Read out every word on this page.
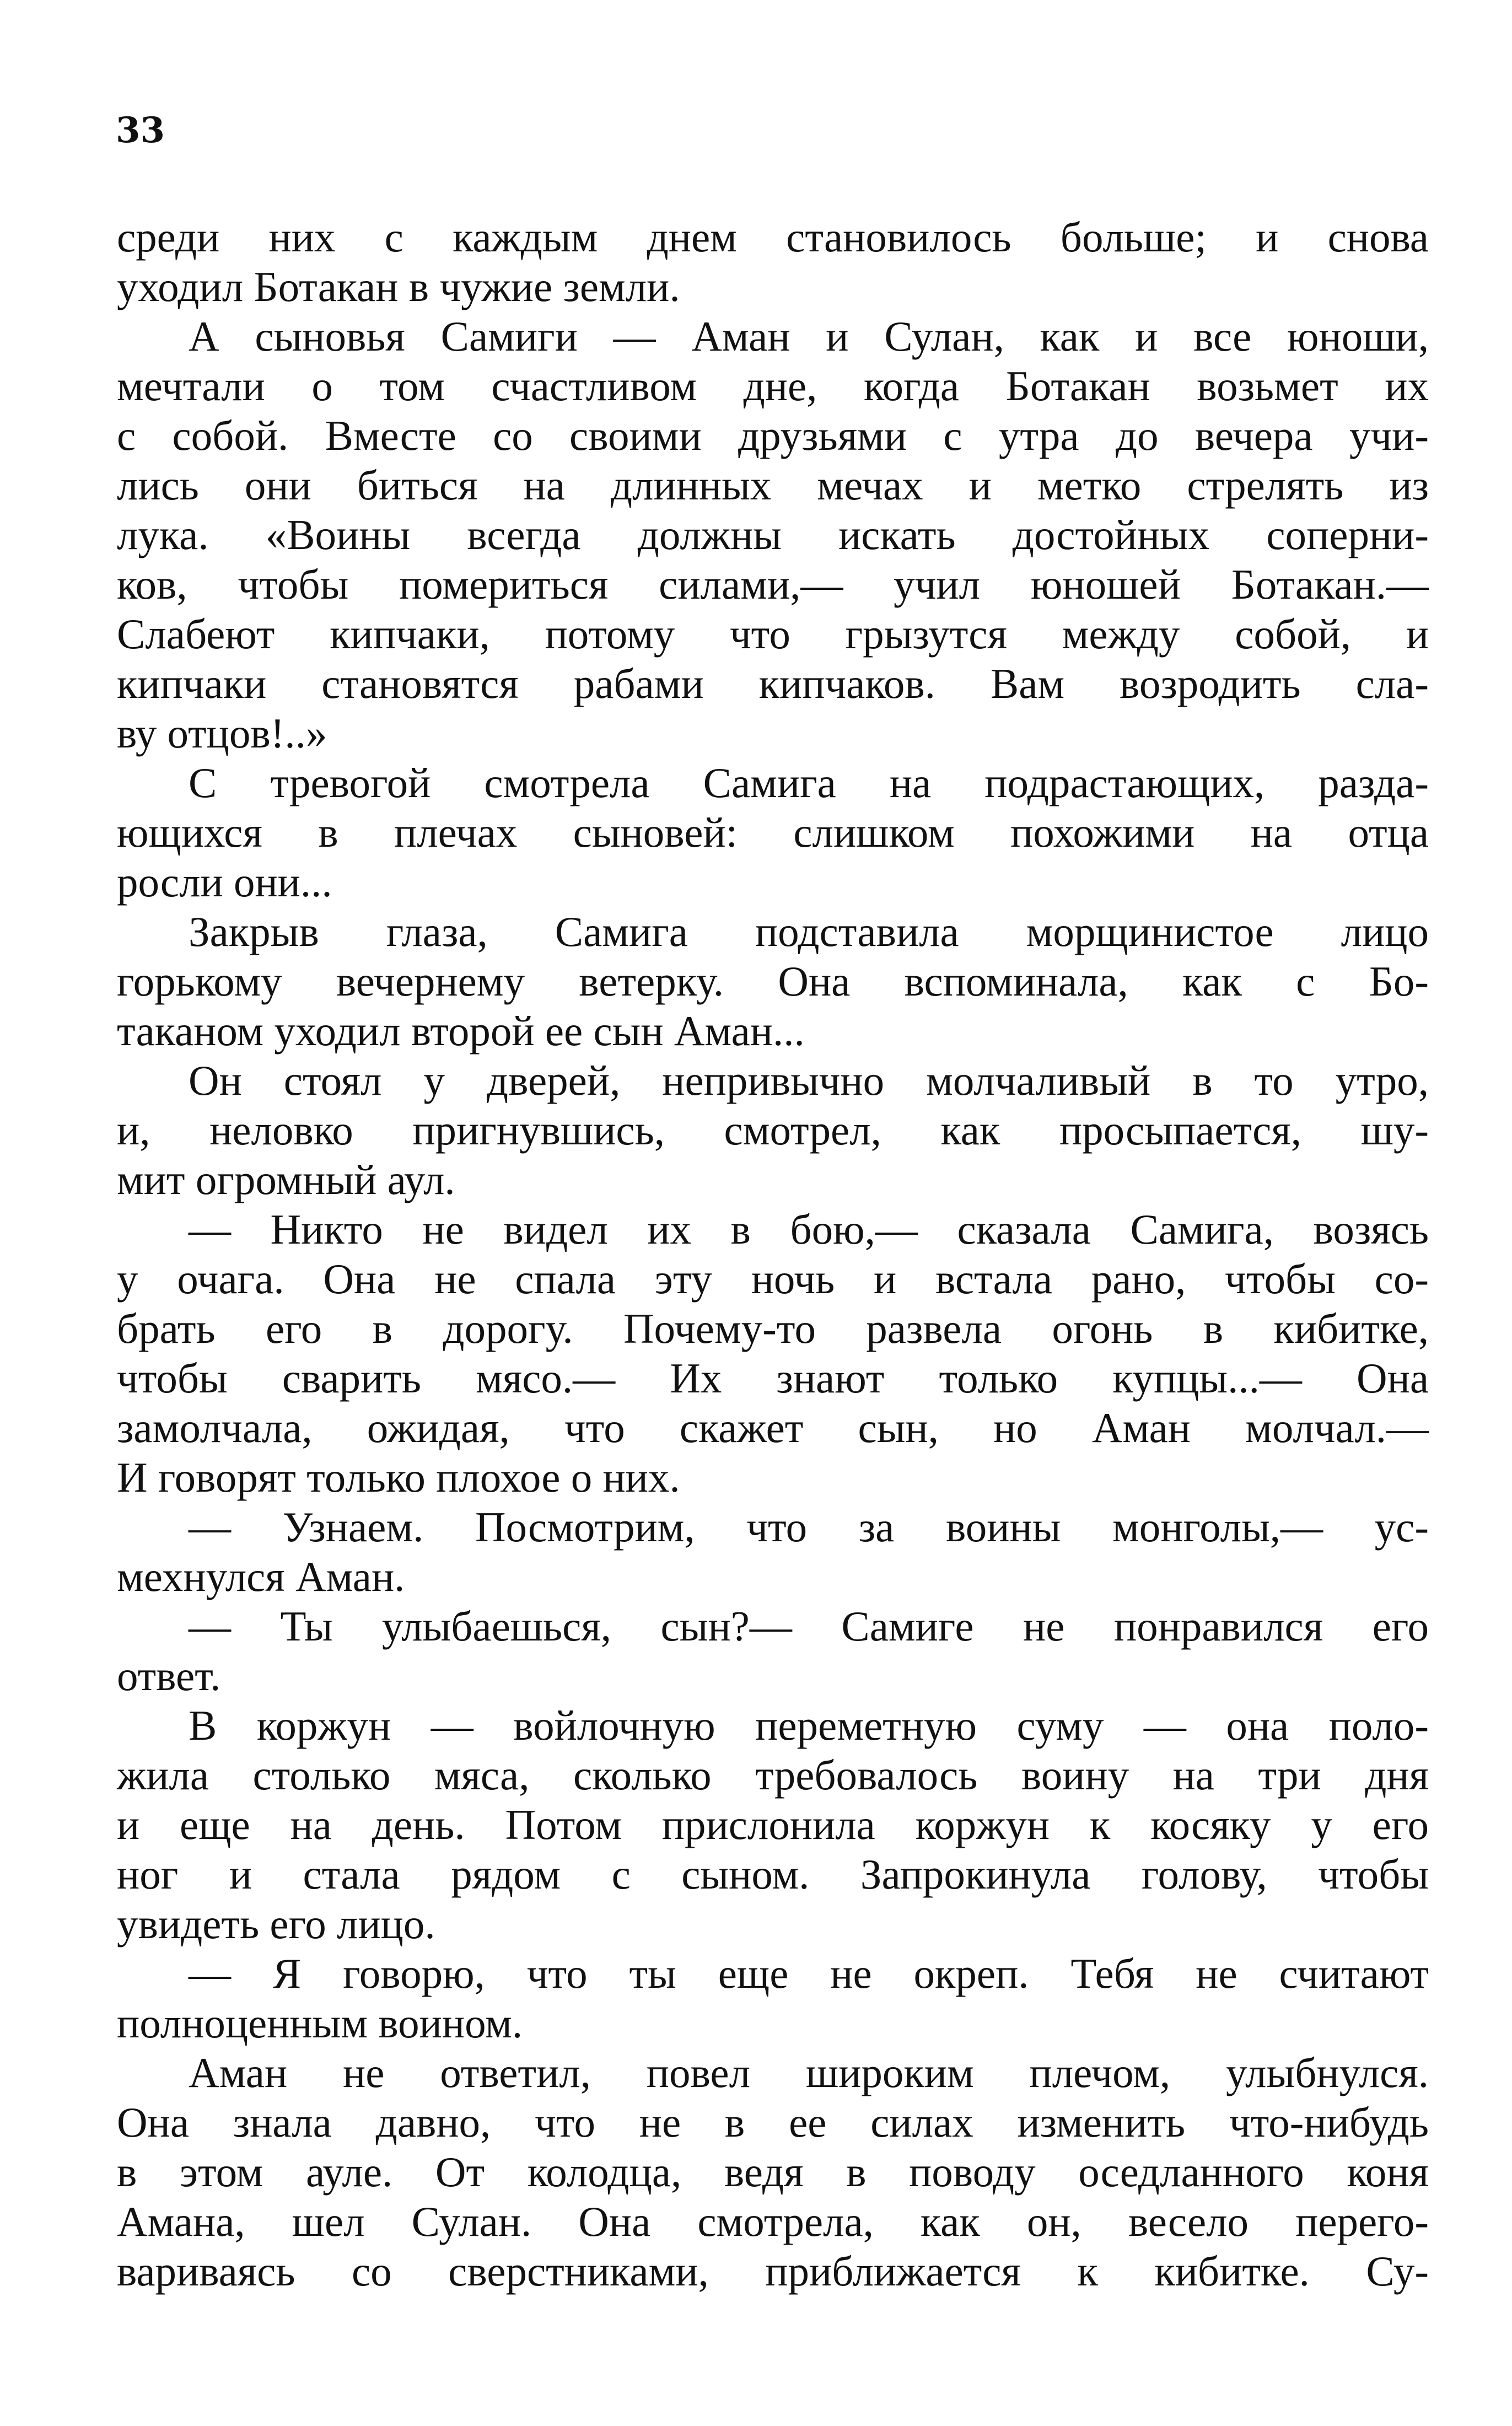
33
среди них с каждым днем становилось больше; и снова
уходил Ботакан в чужие земли.
А сыновья Самиги — Аман и Сулан, как и все юноши,
мечтали о том счастливом дне, когда Ботакан возьмет их
с собой. Вместе со своими друзьями с утра до вечера учи-
лись они биться на длинных мечах и метко стрелять из
лука. «Воины всегда должны искать достойных соперни-
ков, чтобы помериться силами,— учил юношей Ботакан.—
Слабеют кипчаки, потому что грызутся между собой, и
кипчаки становятся рабами кипчаков. Вам возродить сла-
ву отцов!..»
С тревогой смотрела Самига на подрастающих, разда-
ющихся в плечах сыновей: слишком похожими на отца
росли они...
Закрыв глаза, Самига подставила морщинистое лицо
горькому вечернему ветерку. Она вспоминала, как с Бо-
таканом уходил второй ее сын Аман...
Он стоял у дверей, непривычно молчаливый в то утро,
и, неловко пригнувшись, смотрел, как просыпается, шу-
мит огромный аул.
— Никто не видел их в бою,— сказала Самига, возясь
у очага. Она не спала эту ночь и встала рано, чтобы со-
брать его в дорогу. Почему-то развела огонь в кибитке,
чтобы сварить мясо.— Их знают только купцы...— Она
замолчала, ожидая, что скажет сын, но Аман молчал.—
И говорят только плохое о них.
— Узнаем. Посмотрим, что за воины монголы,— ус-
мехнулся Аман.
— Ты улыбаешься, сын?— Самиге не понравился его
ответ.
В коржун — войлочную переметную суму — она поло-
жила столько мяса, сколько требовалось воину на три дня
и еще на день. Потом прислонила коржун к косяку у его
ног и стала рядом с сыном. Запрокинула голову, чтобы
увидеть его лицо.
— Я говорю, что ты еще не окреп. Тебя не считают
полноценным воином.
Аман не ответил, повел широким плечом, улыбнулся.
Она знала давно, что не в ее силах изменить что-нибудь
в этом ауле. От колодца, ведя в поводу оседланного коня
Амана, шел Сулан. Она смотрела, как он, весело перего-
вариваясь со сверстниками, приближается к кибитке. Су-
